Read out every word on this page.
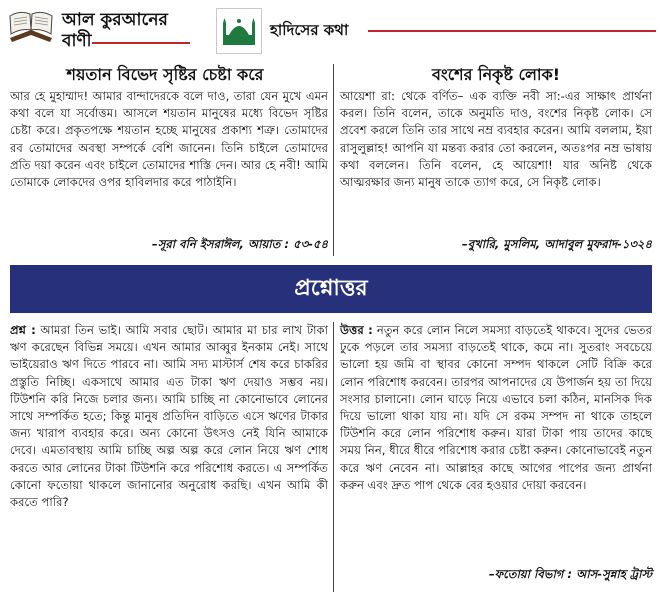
আল কুরআনের বাণী
হাদিসের কথা
শয়তান বিভেদ সৃষ্টির চেষ্টা করে
আর হে মুহাম্মাদ! আমার বান্দাদেরকে বলে দাও, তারা যেন মুখে এমন কথা বলে যা সর্বোত্তম। আসলে শয়তান মানুষের মধ্যে বিভেদ সৃষ্টির চেষ্টা করে। প্রকৃতপক্ষে শয়তান হচ্ছে মানুষের প্রকাশ্য শত্রু। তোমাদের রব তোমাদের অবস্থা সম্পর্কে বেশি জানেন। তিনি চাইলে তোমাদের প্রতি দয়া করেন এবং চাইলে তোমাদের শাস্তি দেন। আর হে নবী! আমি তোমাকে লোকদের ওপর হাবিলদার করে পাঠাইনি।
–সূরা বনি ইসরাঈল, আয়াত : ৫৩-৫৪
বংশের নিকৃষ্ট লোক!
আয়েশা রা: থেকে বর্ণিত– এক ব্যক্তি নবী সা:-এর সাক্ষাৎ প্রার্থনা করল। তিনি বলেন, তাকে অনুমতি দাও, বংশের নিকৃষ্ট লোক। সে প্রবেশ করলে তিনি তার সাথে নম্র ব্যবহার করেন। আমি বললাম, ইয়া রাসুলুল্লাহ! আপনি যা মন্তব্য করার তো করলেন, অতঃপর নম্র ভাষায় কথা বললেন। তিনি বলেন, হে আয়েশা! যার অনিষ্ট থেকে আত্মরক্ষার জন্য মানুষ তাকে ত্যাগ করে, সে নিকৃষ্ট লোক।
–বুখারি, মুসলিম, আদাবুল মুফরাদ-১৩২৪
প্রশ্নোত্তর
প্রশ্ন : আমরা তিন ভাই। আমি সবার ছোট। আমার মা চার লাখ টাকা ঋণ করেছেন বিভিন্ন সময়ে। এখন আমার আব্বুর ইনকাম নেই। সাথে ভাইয়েরাও ঋণ দিতে পারবে না। আমি সদ্য মাস্টার্স শেষ করে চাকরির প্রস্তুতি নিচ্ছি। একসাথে আমার এত টাকা ঋণ দেয়াও সম্ভব নয়। টিউশনি করি নিজে চলার জন্য। আমি চাচ্ছি না কোনোভাবে লোনের সাথে সম্পর্কিত হতে; কিন্তু মানুষ প্রতিদিন বাড়িতে এসে ঋণের টাকার জন্য খারাপ ব্যবহার করে। অন্য কোনো উৎসও নেই যিনি আমাকে দেবে। এমতাবস্থায় আমি চাচ্ছি অল্প অল্প করে লোন নিয়ে ঋণ শোধ করতে আর লোনের টাকা টিউশনি করে পরিশোধ করতে। এ সম্পর্কিত কোনো ফতোয়া থাকলে জানানোর অনুরোধ করছি। এখন আমি কী করতে পারি?
উত্তর : নতুন করে লোন নিলে সমস্যা বাড়তেই থাকবে। সুদের ভেতর ঢুকে পড়লে তার সমস্যা বাড়তেই থাকে, কমে না। সুতরাং সবচেয়ে ভালো হয় জমি বা স্থাবর কোনো সম্পদ থাকলে সেটি বিক্রি করে লোন পরিশোধ করবেন। তারপর আপনাদের যে উপার্জন হয় তা দিয়ে সংসার চালানো। লোন ঘাড়ে নিয়ে এভাবে চলা কঠিন, মানসিক দিক দিয়ে ভালো থাকা যায় না। যদি সে রকম সম্পদ না থাকে তাহলে টিউশনি করে লোন পরিশোধ করুন। যারা টাকা পায় তাদের কাছে সময় নিন, ধীরে ধীরে পরিশোধ করার চেষ্টা করুন। কোনোভাবেই নতুন করে ঋণ নেবেন না। আল্লাহর কাছে আগের পাপের জন্য প্রার্থনা করুন এবং দ্রুত পাপ থেকে বের হওয়ার দোয়া করবেন।
–ফতোয়া বিভাগ : আস-সুন্নাহ ট্রাস্ট
